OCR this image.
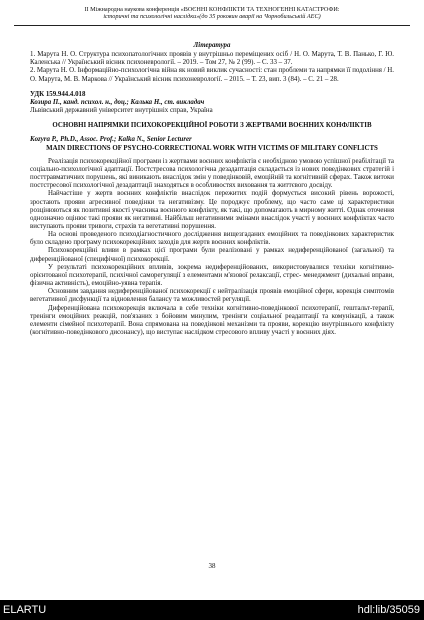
ІІ Міжнародна наукова конференція «ВОЄННІ КОНФЛІКТИ ТА ТЕХНОГЕННІ КАТАСТРОФИ:
історичні та психологічні наслідки»(до 35 роковин аварії на Чорнобильській АЕС)
Література
1. Марута Н. О. Структура психопатологічних проявів у внутрішньо переміщених осіб / Н. О. Марута, Т. В. Панько, Г. Ю. Каленська // Український вісник психоневрології. – 2019. – Том 27, № 2 (99). – С. 33 – 37.
2. Марута Н. О. Інформаційно-психологічна війна як новий виклик сучасності: стан проблеми та напрямки її подоління / Н. О. Марута, М. В. Маркова // Український вісник психоневрології. – 2015. – Т. 23, вип. 3 (84). – С. 21 – 28.
УДК 159.944.4.018
Козира П., канд. психол. н., доц.; Калька Н., ст. викладач
Львівський державний університет внутрішніх справ, Україна
ОСНОВНІ НАПРЯМКИ ПСИХОКОРЕКЦІЙНОЇ РОБОТИ З ЖЕРТВАМИ ВОЄННИХ КОНФЛІКТІВ
Kozyra P., Ph.D., Assoc. Prof.; Kalka N., Senior Lecturer
MAIN DIRECTIONS OF PSYCHO-CORRECTIONAL WORK WITH VICTIMS OF MILITARY CONFLICTS

Реалізація психокорекційної програми із жертвами воєнних конфліктів є необхідною умовою успішної реабілітації та соціально-психологічної адаптації. Постстресова психологічна дезадаптація складається із нових поведінкових стратегій і посттравматичних порушень, які виникають внаслідок змін у поведінковій, емоційній та когнітивній сферах. Також витоки постстресової психологічної дезадаптації знаходяться в особливостях виховання та життєвого досвіду.

Найчастіше у жертв воєнних конфліктів внаслідок пережитих подій формується високий рівень ворожості, зростають прояви агресивної поведінки та негативізму. Це породжує проблему, що часто саме ці характеристики розцінюються як позитивні якості учасника воєнного конфлікту, як такі, що допомагають в мирному житті. Однак оточення однозначно оцінює такі прояви як негативні. Найбільш негативними змінами внаслідок участі у воєнних конфліктах часто виступають прояви тривоги, страхів та вегетативні порушення.

На основі проведеного психодіагностичного дослідження вищезгаданих емоційних та поведінкових характеристик було складено програму психокорекційних заходів для жертв воєнних конфліктів.

Психокорекційні вливи в рамках цієї програми були реалізовані у рамках недиференційованої (загальної) та диференційованої (специфічної) психокорекції.

У результаті психокорекційних впливів, зокрема недиференційованих, використовувалися техніки когнітивно-орієнтованої психотерапії, психічної саморегуляції з елементами м'язової релаксації, стрес- менеджмент (дихальні вправи, фізична активність), емоційно-уявна терапія.

Основним завдання недиференційованої психокорекції є нейтралізація проявів емоційної сфери, корекція симптомів вегетативної дисфункції та відновлення балансу та можливостей регуляції.

Диференційована психокорекція включала в себе техніки когнітивно-поведінкової психотерапії, гештальт-терапії, тренінги емоційних реакцій, пов'язаних з бойовим минулим, тренінги соціальної реадаптації та комунікації, а також елементи сімейної психотерапії. Вона спрямована на поведінкові механізми та прояви, корекцію внутрішнього конфлікту (когнітивно-поведінкового дисонансу), що виступає наслідком стресового впливу участі у воєнних діях.

38
ELARTU	hdl:lib/35059
